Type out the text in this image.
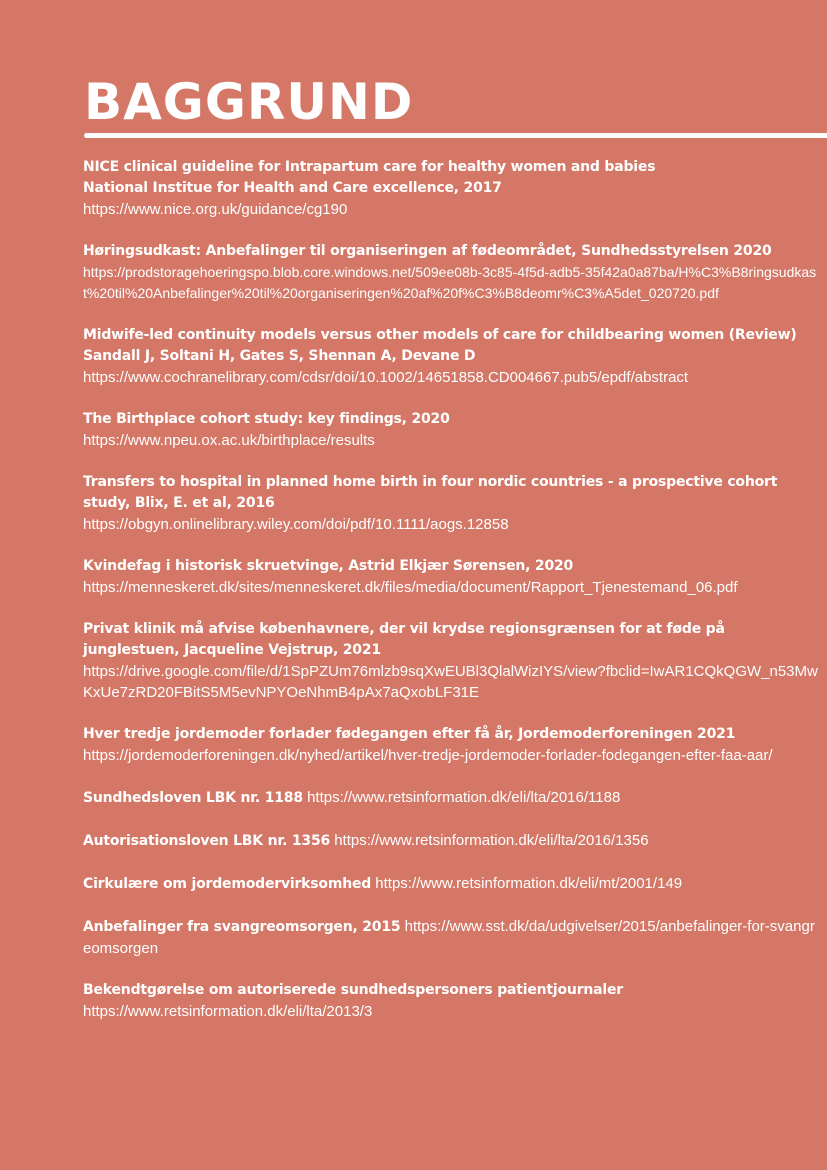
BAGGRUND
NICE clinical guideline for Intrapartum care for healthy women and babies
National Institue for Health and Care excellence, 2017
https://www.nice.org.uk/guidance/cg190
Høringsudkast: Anbefalinger til organiseringen af fødeområdet, Sundhedsstyrelsen 2020
https://prodstoragehoeringspo.blob.core.windows.net/509ee08b-3c85-4f5d-adb5-35f42a0a87ba/H%C3%B8ringsudkast%20til%20Anbefalinger%20til%20organiseringen%20af%20f%C3%B8deomr%C3%A5det_020720.pdf
Midwife-led continuity models versus other models of care for childbearing women (Review)
Sandall J, Soltani H, Gates S, Shennan A, Devane D
https://www.cochranelibrary.com/cdsr/doi/10.1002/14651858.CD004667.pub5/epdf/abstract
The Birthplace cohort study: key findings, 2020
https://www.npeu.ox.ac.uk/birthplace/results
Transfers to hospital in planned home birth in four nordic countries - a prospective cohort study, Blix, E. et al, 2016
https://obgyn.onlinelibrary.wiley.com/doi/pdf/10.1111/aogs.12858
Kvindefag i historisk skruetvinge, Astrid Elkjær Sørensen, 2020
https://menneskeret.dk/sites/menneskeret.dk/files/media/document/Rapport_Tjenestemand_06.pdf
Privat klinik må afvise københavnere, der vil krydse regionsgrænsen for at føde på junglestuen, Jacqueline Vejstrup, 2021
https://drive.google.com/file/d/1SpPZUm76mlzb9sqXwEUBl3QlalWizIYS/view?fbclid=IwAR1CQkQGW_n53MwKxUe7zRD20FBitS5M5evNPYOeNhmB4pAx7aQxobLF31E
Hver tredje jordemoder forlader fødegangen efter få år, Jordemoderforeningen 2021
https://jordemoderforeningen.dk/nyhed/artikel/hver-tredje-jordemoder-forlader-fodegangen-efter-faa-aar/
Sundhedsloven LBK nr. 1188 https://www.retsinformation.dk/eli/lta/2016/1188
Autorisationsloven LBK nr. 1356 https://www.retsinformation.dk/eli/lta/2016/1356
Cirkulære om jordemodervirksomhed https://www.retsinformation.dk/eli/mt/2001/149
Anbefalinger fra svangreomsorgen, 2015 https://www.sst.dk/da/udgivelser/2015/anbefalinger-for-svangreomsorgen
Bekendtgørelse om autoriserede sundhedspersoners patientjournaler
https://www.retsinformation.dk/eli/lta/2013/3
